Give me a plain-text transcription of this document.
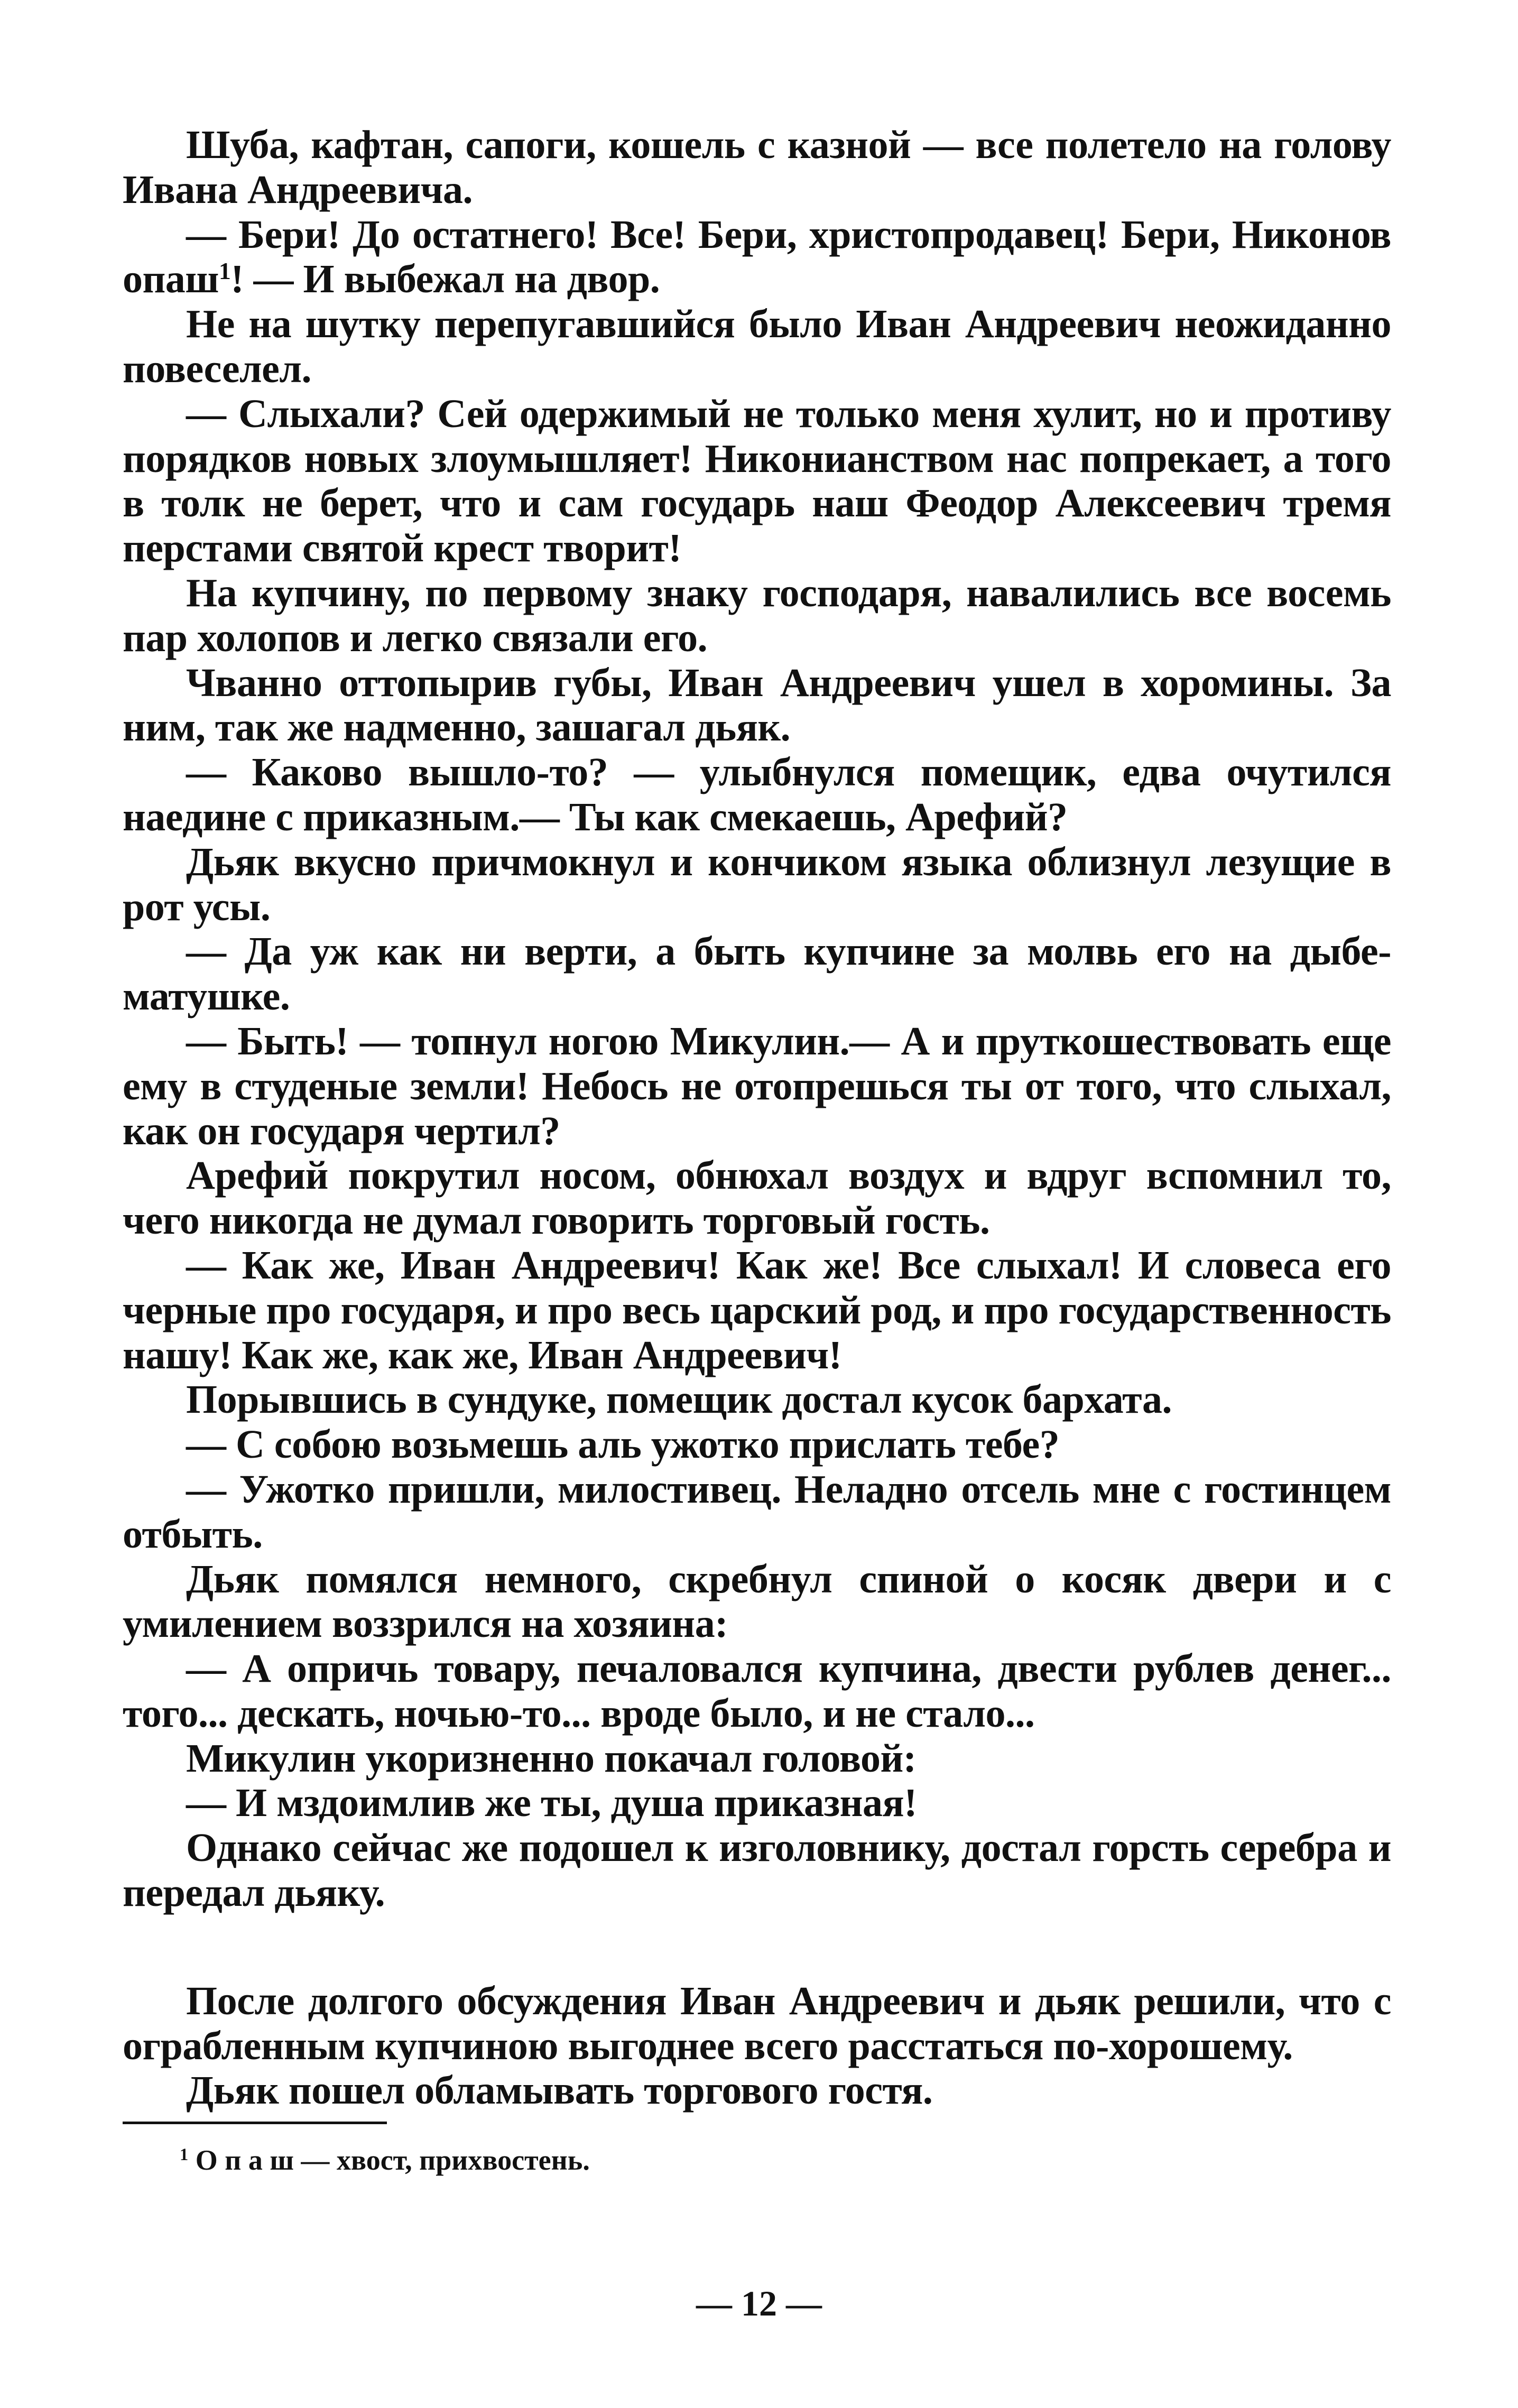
Шуба, кафтан, сапоги, кошель с казной — все полетело на голову Ивана Андреевича.

— Бери! До остатнего! Все! Бери, христопродавец! Бери, Никонов опаш$^1$! — И выбежал на двор.

Не на шутку перепугавшийся было Иван Андреевич неожиданно повеселел.

— Слыхали? Сей одержимый не только меня хулит, но и противу порядков новых злоумышляет! Никонианством нас попрекает, а того в толк не берет, что и сам государь наш Феодор Алексеевич тремя перстами святой крест творит!

На купчину, по первому знаку господаря, навалились все восемь пар холопов и легко связали его.

Чванно оттопырив губы, Иван Андреевич ушел в хоромины. За ним, так же надменно, зашагал дьяк.

— Каково вышло-то? — улыбнулся помещик, едва очутился наедине с приказным.— Ты как смекаешь, Арефий?

Дьяк вкусно причмокнул и кончиком языка облизнул лезущие в рот усы.

— Да уж как ни верти, а быть купчине за молвь его на дыбе-матушке.

— Быть! — топнул ногою Микулин.— А и пруткошествовать еще ему в студеные земли! Небось не отопрешься ты от того, что слыхал, как он государя чертил?

Арефий покрутил носом, обнюхал воздух и вдруг вспомнил то, чего никогда не думал говорить торговый гость.

— Как же, Иван Андреевич! Как же! Все слыхал! И словеса его черные про государя, и про весь царский род, и про государственность нашу! Как же, как же, Иван Андреевич!

Порывшись в сундуке, помещик достал кусок бархата.

— С собою возьмешь аль ужотко прислать тебе?

— Ужотко пришли, милостивец. Неладно отсель мне с гостинцем отбыть.

Дьяк помялся немного, скребнул спиной о косяк двери и с умилением воззрился на хозяина:

— А опричь товару, печаловался купчина, двести рублев денег... того... дескать, ночью-то... вроде было, и не стало...

Микулин укоризненно покачал головой:

— И мздоимлив же ты, душа приказная!

Однако сейчас же подошел к изголовнику, достал горсть серебра и передал дьяку.

После долгого обсуждения Иван Андреевич и дьяк решили, что с ограбленным купчиною выгоднее всего расстаться по-хорошему.

Дьяк пошел обламывать торгового гостя.

$^1$ О п а ш — хвост, прихвостень.
— 12 —
